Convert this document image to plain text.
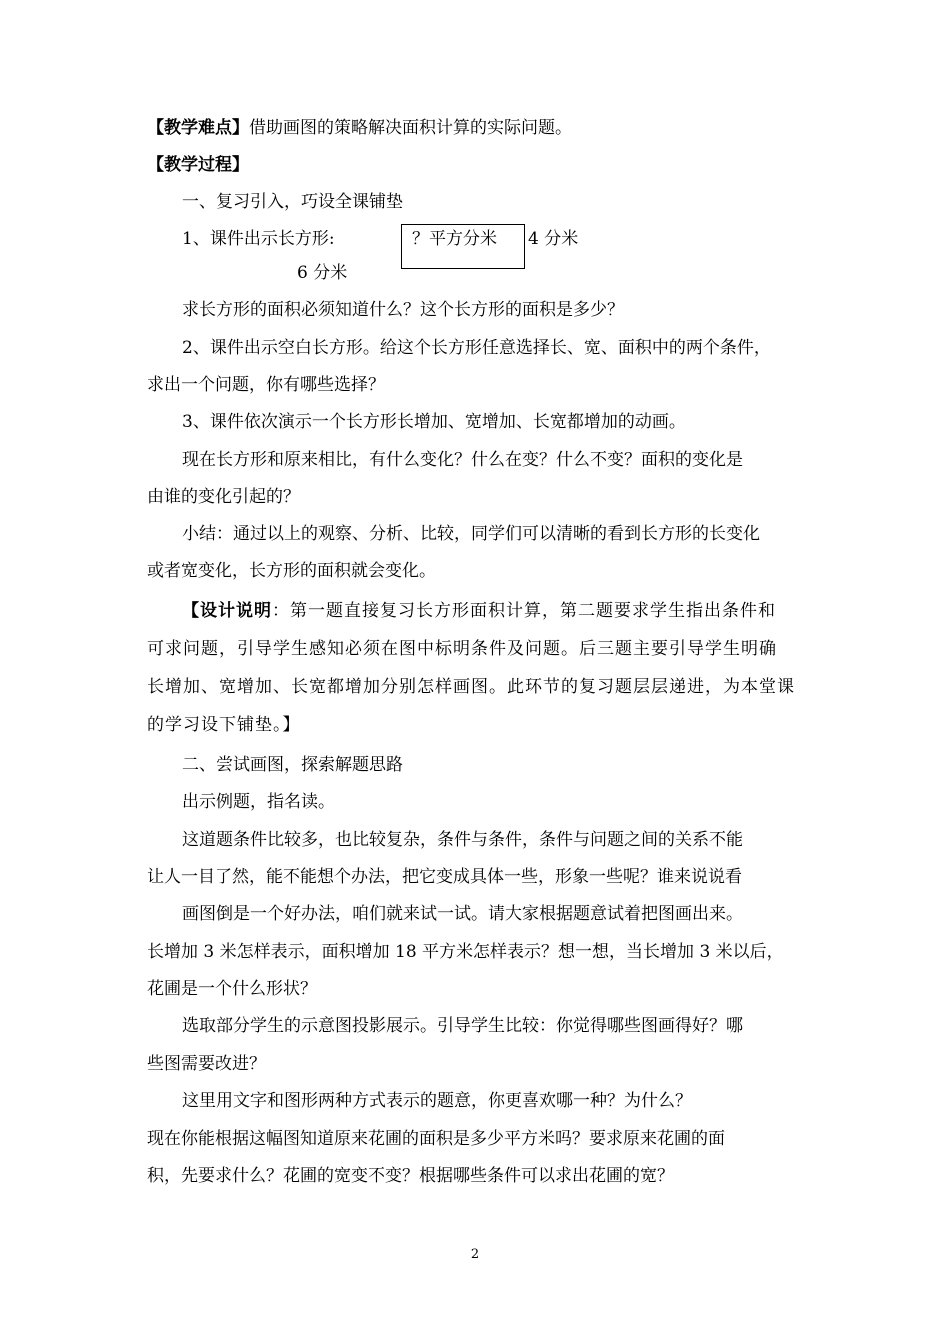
【教学难点】借助画图的策略解决面积计算的实际问题。
【教学过程】
一、复习引入，巧设全课铺垫
1、课件出示长方形:	？平方分米 4 分米
6 分米
求长方形的面积必须知道什么？这个长方形的面积是多少？
2、课件出示空白长方形。给这个长方形任意选择长、宽、面积中的两个条件，
求出一个问题，你有哪些选择？
3、课件依次演示一个长方形长增加、宽增加、长宽都增加的动画。
现在长方形和原来相比，有什么变化？什么在变？什么不变？面积的变化是
由谁的变化引起的？
小结：通过以上的观察、分析、比较，同学们可以清晰的看到长方形的长变化
或者宽变化，长方形的面积就会变化。
【设计说明：第一题直接复习长方形面积计算，第二题要求学生指出条件和
可求问题，引导学生感知必须在图中标明条件及问题。后三题主要引导学生明确
长增加、宽增加、长宽都增加分别怎样画图。此环节的复习题层层递进，为本堂课
的学习设下铺垫。】
二、尝试画图，探索解题思路
出示例题，指名读。
这道题条件比较多，也比较复杂，条件与条件，条件与问题之间的关系不能
让人一目了然，能不能想个办法，把它变成具体一些，形象一些呢？谁来说说看
画图倒是一个好办法，咱们就来试一试。请大家根据题意试着把图画出来。
长增加 3 米怎样表示，面积增加 18 平方米怎样表示？想一想，当长增加 3 米以后，
花圃是一个什么形状？
选取部分学生的示意图投影展示。引导学生比较：你觉得哪些图画得好？哪
些图需要改进？
这里用文字和图形两种方式表示的题意，你更喜欢哪一种？为什么？
现在你能根据这幅图知道原来花圃的面积是多少平方米吗？要求原来花圃的面
积，先要求什么？花圃的宽变不变？根据哪些条件可以求出花圃的宽？
2
